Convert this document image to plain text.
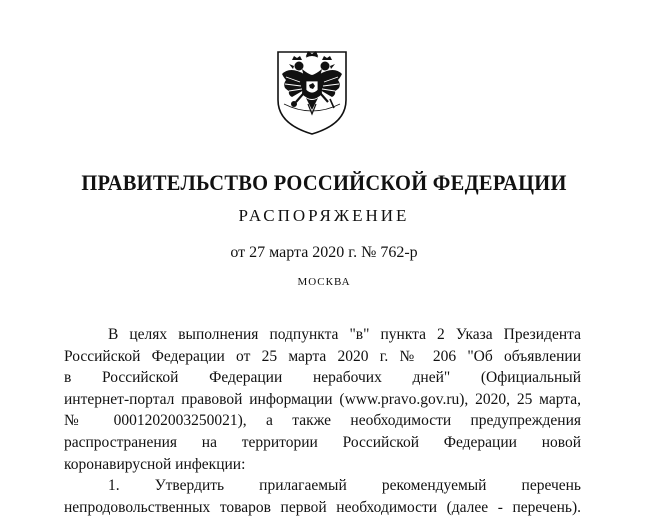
ПРАВИТЕЛЬСТВО РОССИЙСКОЙ ФЕДЕРАЦИИ
РАСПОРЯЖЕНИЕ
от 27 марта 2020 г. № 762-р
МОСКВА
В целях выполнения подпункта "в" пункта 2 Указа Президента
Российской Федерации от 25 марта 2020 г. № 206 "Об объявлении
в Российской Федерации нерабочих дней" (Официальный
интернет-портал правовой информации (www.pravo.gov.ru), 2020, 25 марта,
№ 0001202003250021), а также необходимости предупреждения
распространения на территории Российской Федерации новой
коронавирусной инфекции:
1. Утвердить прилагаемый рекомендуемый перечень
непродовольственных товаров первой необходимости (далее - перечень).
